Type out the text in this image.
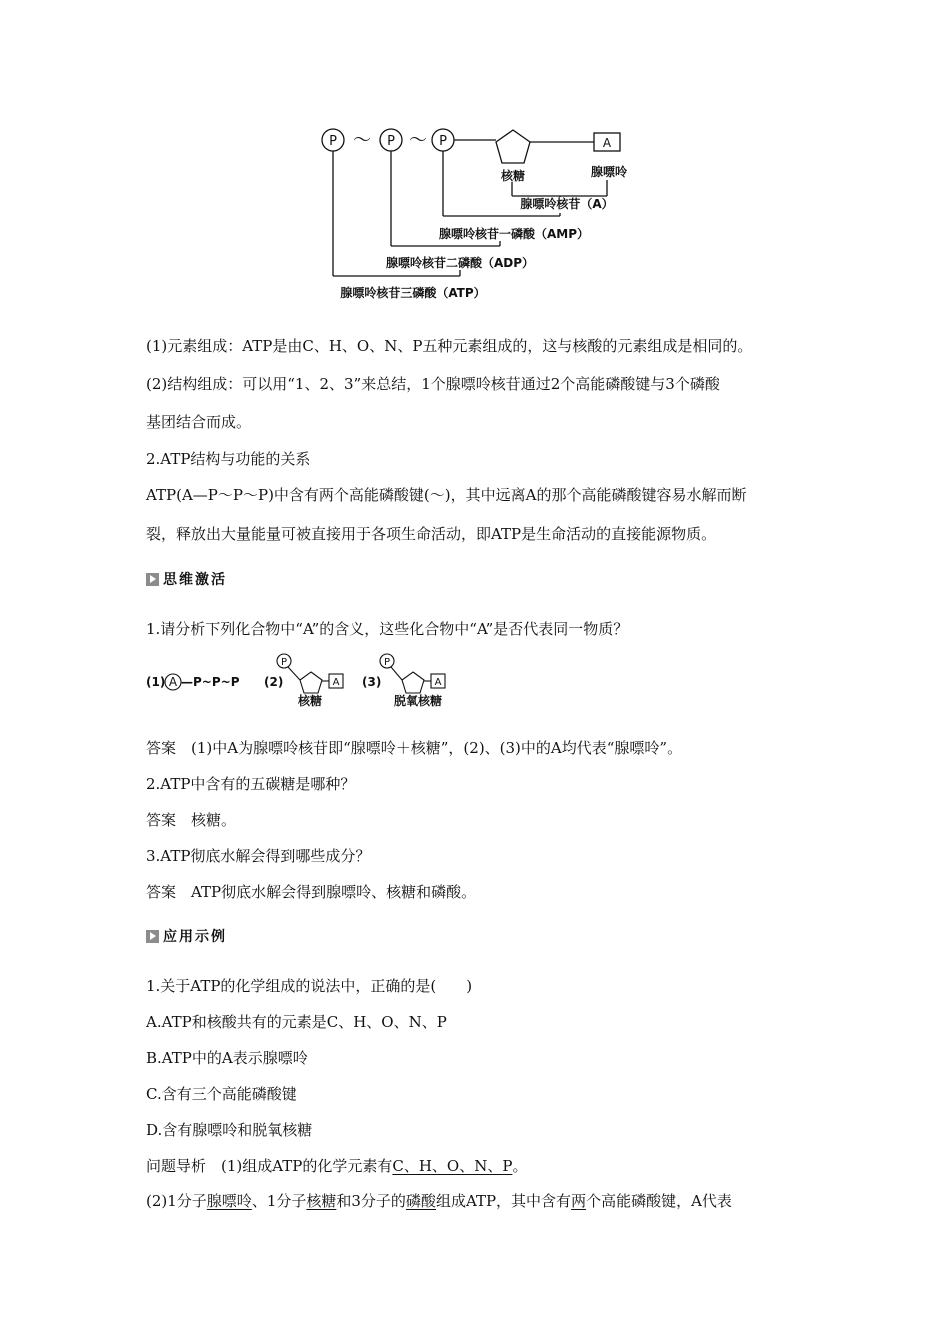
P	P	P
～ ～	A
核糖	腺嘌呤
腺嘌呤核苷（A）
腺嘌呤核苷一磷酸（AMP）
腺嘌呤核苷二磷酸（ADP）
腺嘌呤核苷三磷酸（ATP）
(1)元素组成：ATP是由C、H、O、N、P五种元素组成的，这与核酸的元素组成是相同的。
(2)结构组成：可以用“1、2、3”来总结，1个腺嘌呤核苷通过2个高能磷酸键与3个磷酸
基团结合而成。
2.ATP结构与功能的关系
ATP(A—P～P～P)中含有两个高能磷酸键(～)，其中远离A的那个高能磷酸键容易水解而断
裂，释放出大量能量可被直接用于各项生命活动，即ATP是生命活动的直接能源物质。
思维激活
1.请分析下列化合物中“A”的含义，这些化合物中“A”是否代表同一物质？
(1) A —P~P~P (2)
核糖
(3)
脱氧核糖
P
A
P
A
答案　(1)中A为腺嘌呤核苷即“腺嘌呤＋核糖”，(2)、(3)中的A均代表“腺嘌呤”。
2.ATP中含有的五碳糖是哪种？
答案　核糖。
3.ATP彻底水解会得到哪些成分？
答案　ATP彻底水解会得到腺嘌呤、核糖和磷酸。
应用示例
1.关于ATP的化学组成的说法中，正确的是(　　)
A.ATP和核酸共有的元素是C、H、O、N、P
B.ATP中的A表示腺嘌呤
C.含有三个高能磷酸键
D.含有腺嘌呤和脱氧核糖
问题导析　(1)组成ATP的化学元素有C、H、O、N、P。
(2)1分子腺嘌呤、1分子核糖和3分子的磷酸组成ATP，其中含有两个高能磷酸键，A代表
